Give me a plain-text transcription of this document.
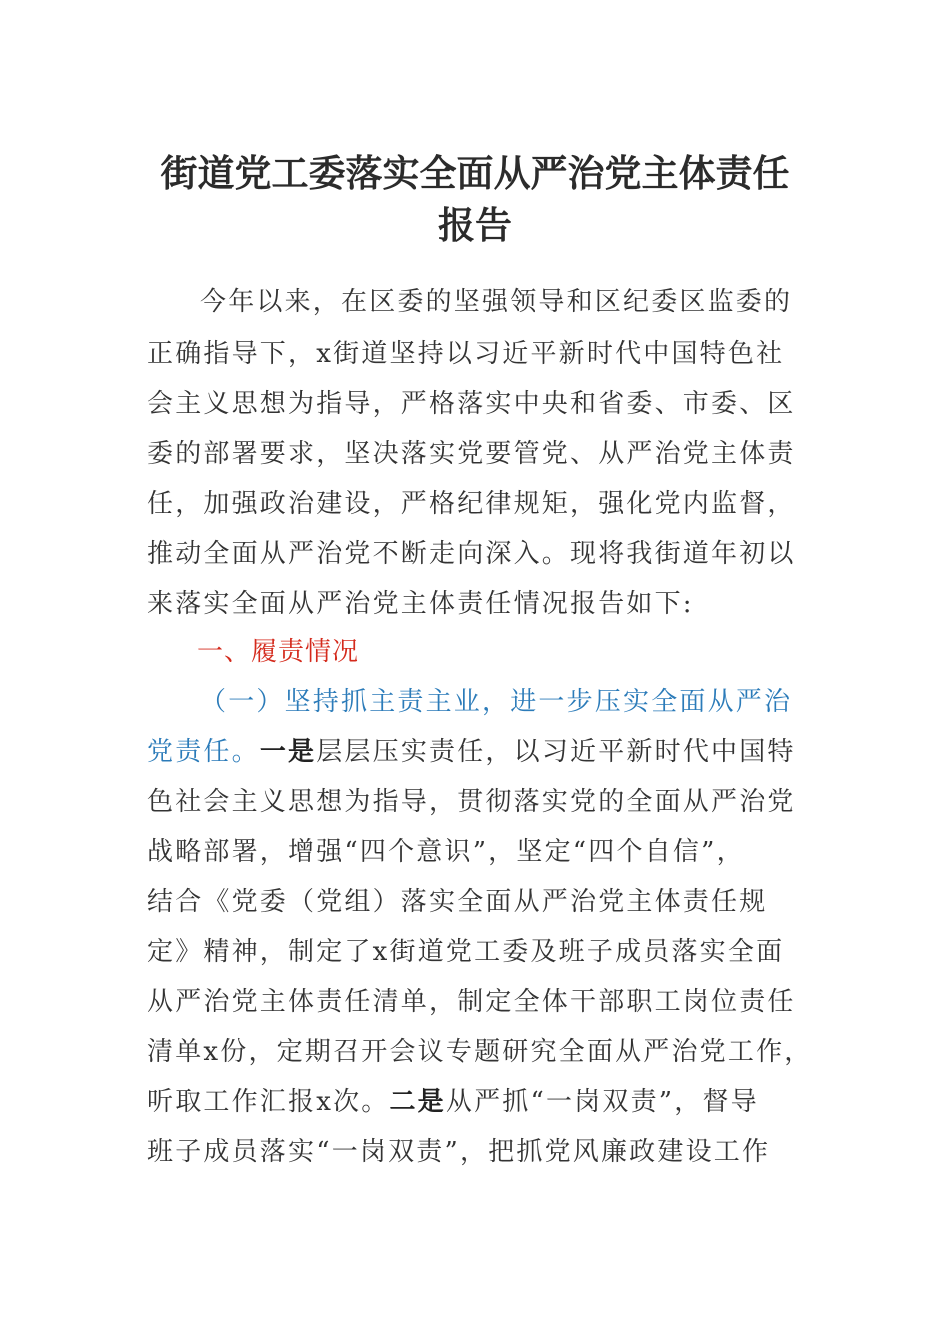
街道党工委落实全面从严治党主体责任
报告
今年以来，在区委的坚强领导和区纪委区监委的
正确指导下，x街道坚持以习近平新时代中国特色社
会主义思想为指导，严格落实中央和省委、市委、区
委的部署要求，坚决落实党要管党、从严治党主体责
任，加强政治建设，严格纪律规矩，强化党内监督，
推动全面从严治党不断走向深入。现将我街道年初以
来落实全面从严治党主体责任情况报告如下:
一、履责情况
（一）坚持抓主责主业，进一步压实全面从严治
党责任。一是层层压实责任，以习近平新时代中国特
色社会主义思想为指导，贯彻落实党的全面从严治党
战略部署，增强“四个意识”，坚定“四个自信”，
结合《党委（党组）落实全面从严治党主体责任规
定》精神，制定了x街道党工委及班子成员落实全面
从严治党主体责任清单，制定全体干部职工岗位责任
清单x份，定期召开会议专题研究全面从严治党工作，
听取工作汇报x次。二是从严抓“一岗双责”，督导
班子成员落实“一岗双责”，把抓党风廉政建设工作
